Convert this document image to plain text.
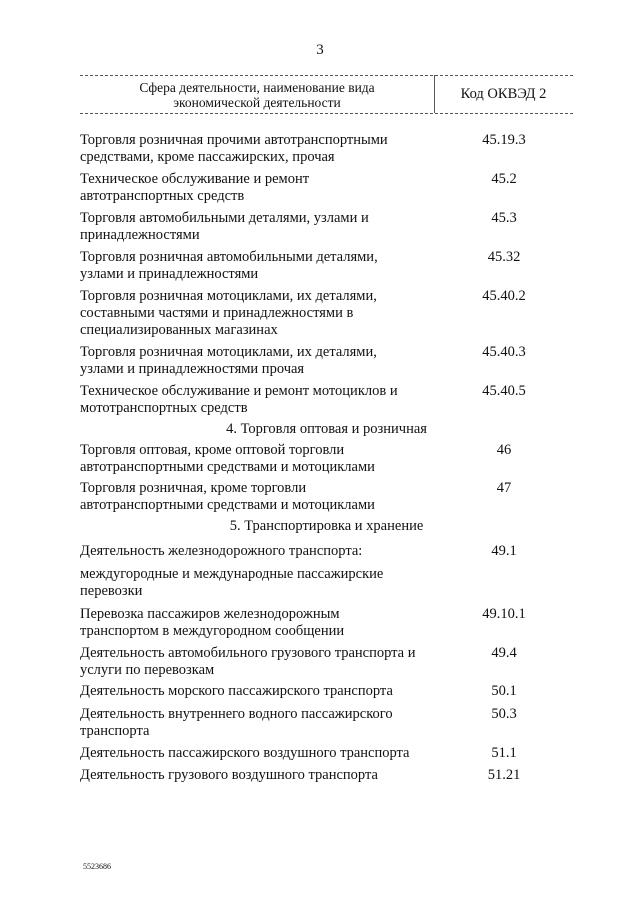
3
Сфера деятельности, наименование вида
экономической деятельности
Код ОКВЭД 2
Торговля розничная прочими автотранспортными
средствами, кроме пассажирских, прочая
45.19.3
Техническое обслуживание и ремонт
автотранспортных средств
45.2
Торговля автомобильными деталями, узлами и
принадлежностями
45.3
Торговля розничная автомобильными деталями,
узлами и принадлежностями
45.32
Торговля розничная мотоциклами, их деталями,
составными частями и принадлежностями в
специализированных магазинах
45.40.2
Торговля розничная мотоциклами, их деталями,
узлами и принадлежностями прочая
45.40.3
Техническое обслуживание и ремонт мотоциклов и
мототранспортных средств
45.40.5
4. Торговля оптовая и розничная
Торговля оптовая, кроме оптовой торговли
автотранспортными средствами и мотоциклами
46
Торговля розничная, кроме торговли
автотранспортными средствами и мотоциклами
47
5. Транспортировка и хранение
Деятельность железнодорожного транспорта:	49.1
междугородные и международные пассажирские
перевозки
Перевозка пассажиров железнодорожным
транспортом в междугородном сообщении
49.10.1
Деятельность автомобильного грузового транспорта и
услуги по перевозкам
49.4
Деятельность морского пассажирского транспорта	50.1
Деятельность внутреннего водного пассажирского
транспорта
50.3
Деятельность пассажирского воздушного транспорта	51.1
Деятельность грузового воздушного транспорта	51.21
5523686
